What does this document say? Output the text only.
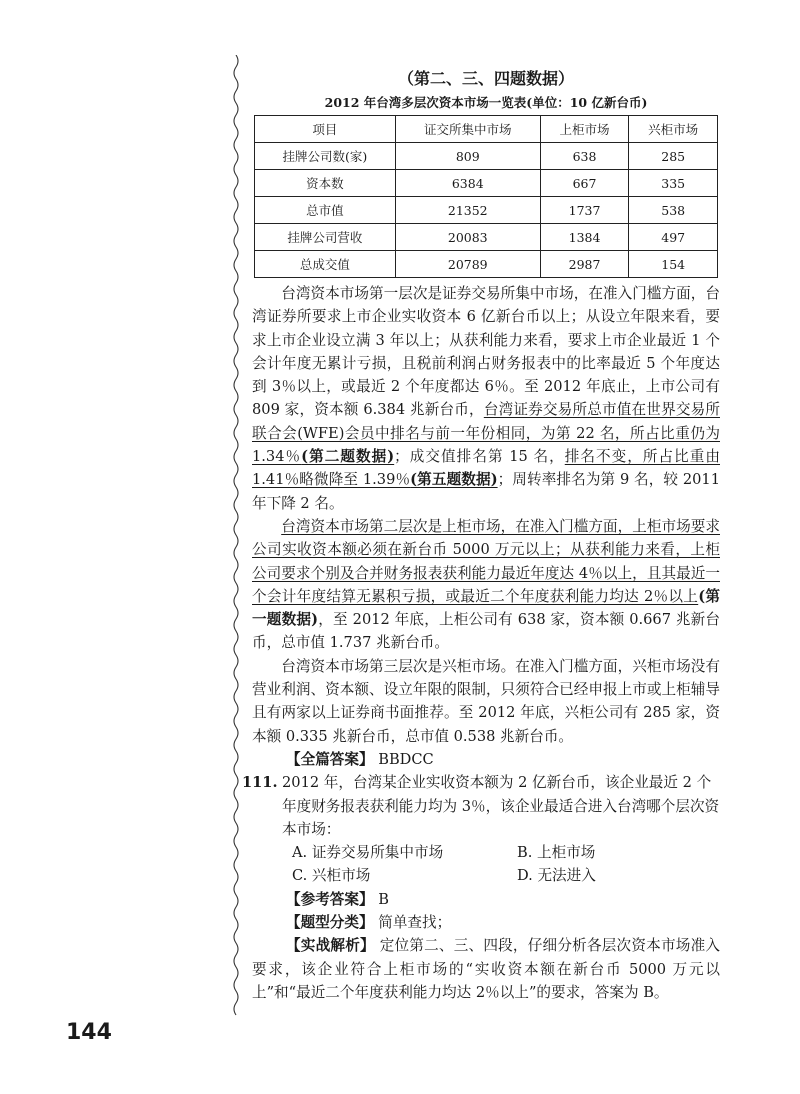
（第二、三、四题数据）

2012 年台湾多层次资本市场一览表(单位：10 亿新台币)

项目	证交所集中市场	上柜市场	兴柜市场
挂牌公司数(家)	809	638	285
资本数	6384	667	335
总市值	21352	1737	538
挂牌公司营收	20083	1384	497
总成交值	20789	2987	154

台湾资本市场第一层次是证券交易所集中市场，在准入门槛方面，台湾证券所要求上市企业实收资本 6 亿新台币以上；从设立年限来看，要求上市企业设立满 3 年以上；从获利能力来看，要求上市企业最近 1 个会计年度无累计亏损，且税前利润占财务报表中的比率最近 5 个年度达到 3％以上，或最近 2 个年度都达 6％。至 2012 年底止，上市公司有 809 家，资本额 6.384 兆新台币，台湾证券交易所总市值在世界交易所联合会(WFE)会员中排名与前一年份相同，为第 22 名，所占比重仍为 1.34％(第二题数据)；成交值排名第 15 名，排名不变，所占比重由 1.41％略微降至 1.39％(第五题数据)；周转率排名为第 9 名，较 2011 年下降 2 名。

台湾资本市场第二层次是上柜市场，在准入门槛方面，上柜市场要求公司实收资本额必须在新台币 5000 万元以上；从获利能力来看，上柜公司要求个别及合并财务报表获利能力最近年度达 4％以上，且其最近一个会计年度结算无累积亏损，或最近二个年度获利能力均达 2％以上(第一题数据)，至 2012 年底，上柜公司有 638 家，资本额 0.667 兆新台币，总市值 1.737 兆新台币。

台湾资本市场第三层次是兴柜市场。在准入门槛方面，兴柜市场没有营业利润、资本额、设立年限的限制，只须符合已经申报上市或上柜辅导且有两家以上证券商书面推荐。至 2012 年底，兴柜公司有 285 家，资本额 0.335 兆新台币，总市值 0.538 兆新台币。

【全篇答案】 BBDCC

111. 2012 年，台湾某企业实收资本额为 2 亿新台币，该企业最近 2 个年度财务报表获利能力均为 3％，该企业最适合进入台湾哪个层次资本市场：
A. 证券交易所集中市场	B. 上柜市场
C. 兴柜市场	D. 无法进入

【参考答案】 B

【题型分类】 简单查找；

【实战解析】 定位第二、三、四段，仔细分析各层次资本市场准入要求，该企业符合上柜市场的“实收资本额在新台币 5000 万元以上”和“最近二个年度获利能力均达 2％以上”的要求，答案为 B。

144
